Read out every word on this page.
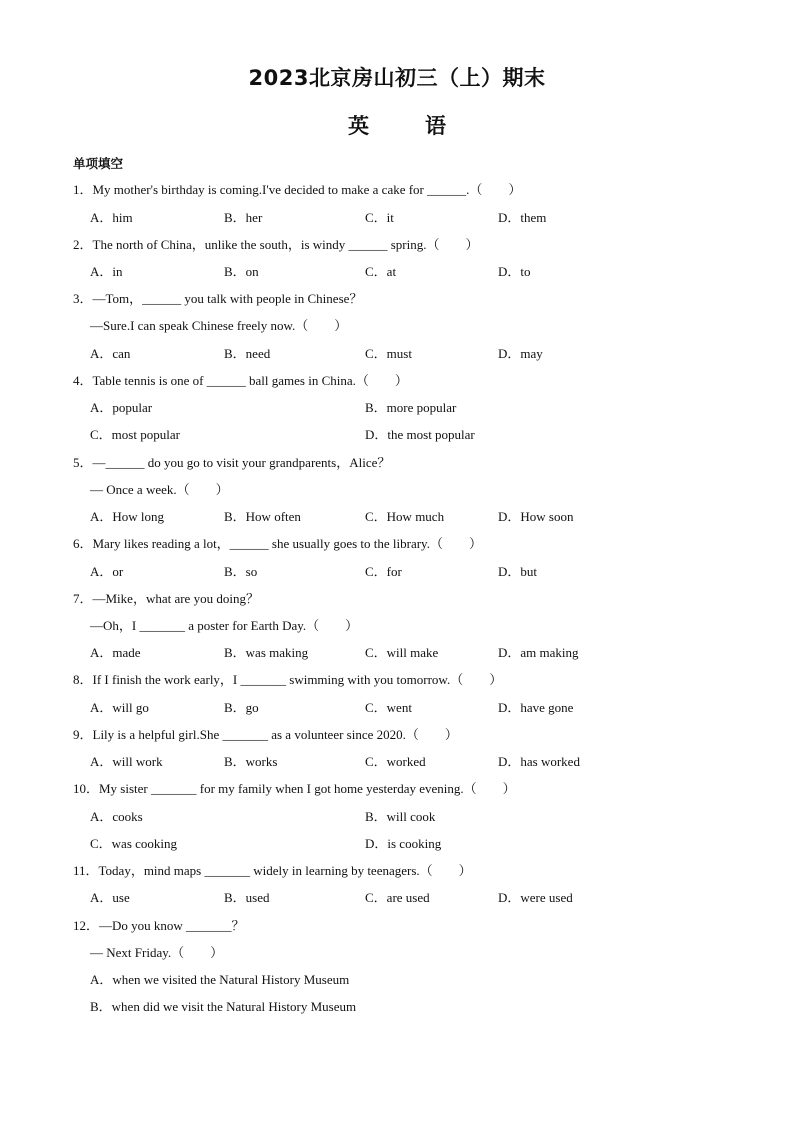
2023北京房山初三（上）期末
英	语
单项填空
1．My mother's birthday is coming.I've decided to make a cake for ______.（　　）
A．him	B．her	C．it	D．them
2．The north of China，unlike the south，is windy ______ spring.（　　）
A．in	B．on	C．at	D．to
3．—Tom，______ you talk with people in Chinese？
—Sure.I can speak Chinese freely now.（　　）
A．can	B．need	C．must	D．may
4．Table tennis is one of ______ ball games in China.（　　）
A．popular	B．more popular
C．most popular	D．the most popular
5．—______ do you go to visit your grandparents，Alice？
— Once a week.（　　）
A．How long	B．How often	C．How much	D．How soon
6．Mary likes reading a lot，______ she usually goes to the library.（　　）
A．or	B．so	C．for	D．but
7．—Mike，what are you doing？
—Oh，I _______ a poster for Earth Day.（　　）
A．made	B．was making	C．will make	D．am making
8．If I finish the work early，I _______ swimming with you tomorrow.（　　）
A．will go	B．go	C．went	D．have gone
9．Lily is a helpful girl.She _______ as a volunteer since 2020.（　　）
A．will work	B．works	C．worked	D．has worked
10．My sister _______ for my family when I got home yesterday evening.（　　）
A．cooks	B．will cook
C．was cooking	D．is cooking
11．Today，mind maps _______ widely in learning by teenagers.（　　）
A．use	B．used	C．are used	D．were used
12．—Do you know _______？
— Next Friday.（　　）
A．when we visited the Natural History Museum
B．when did we visit the Natural History Museum
